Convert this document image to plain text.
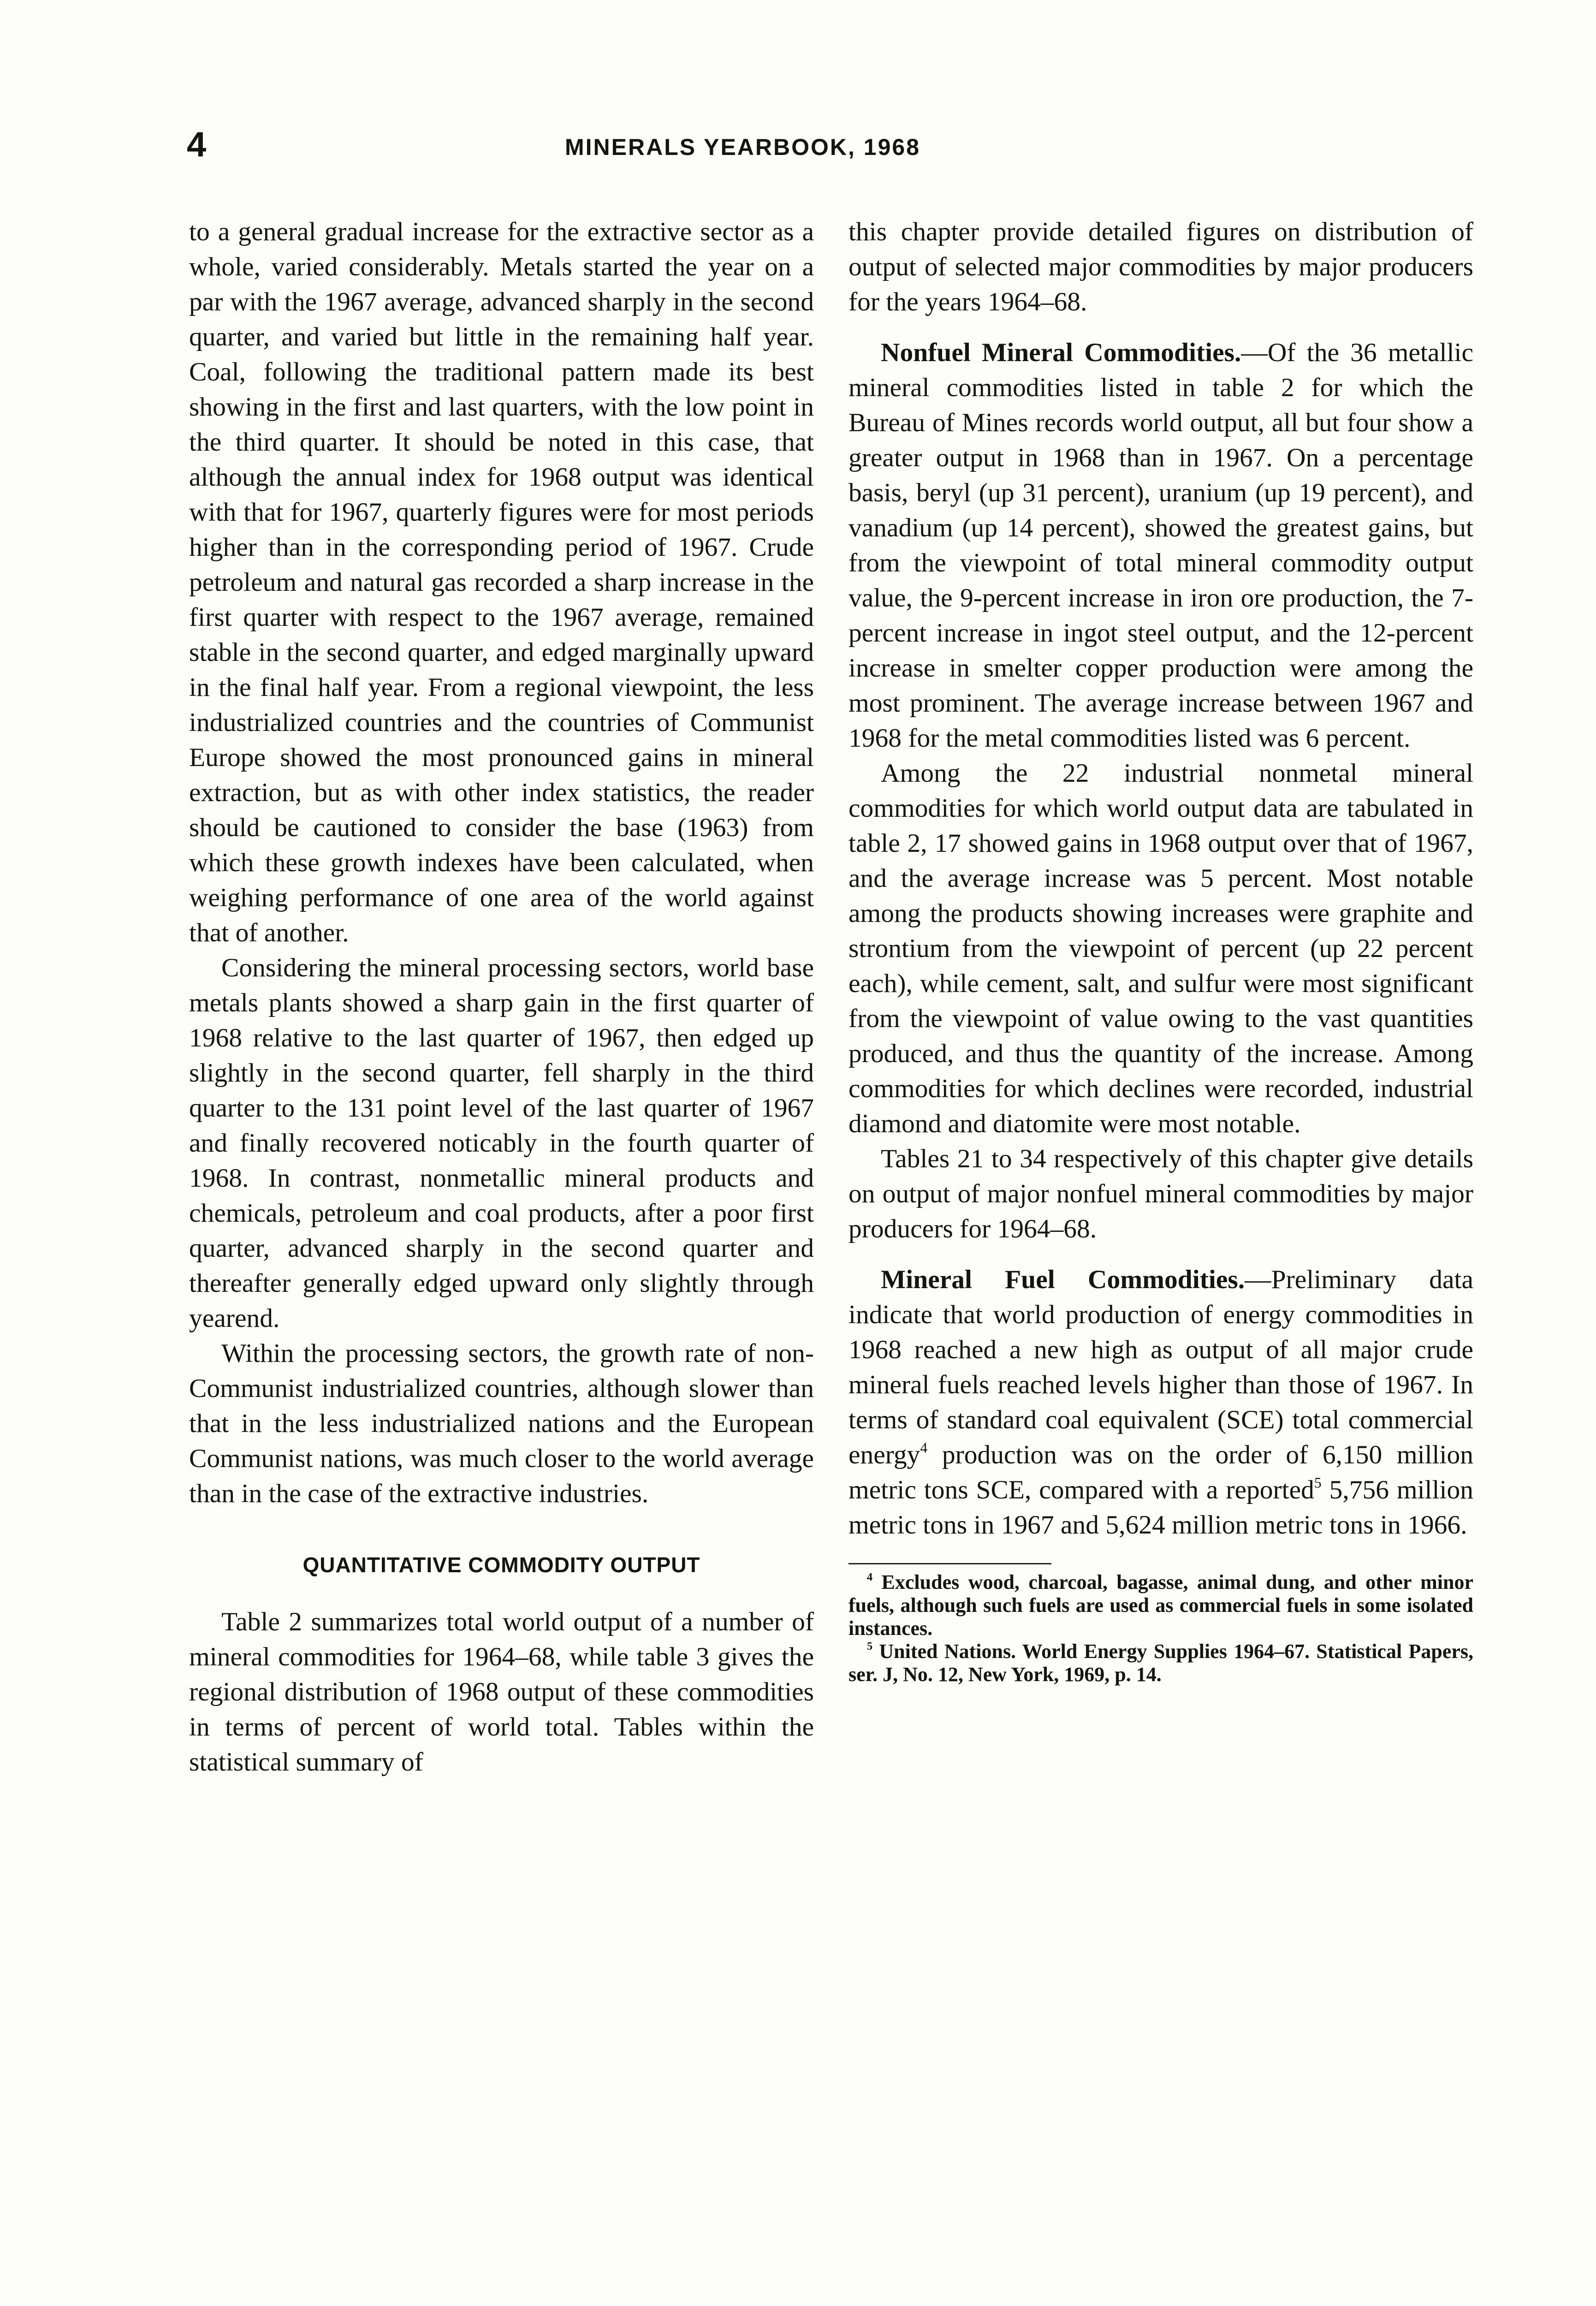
4	MINERALS YEARBOOK, 1968

to a general gradual increase for the extractive sector as a whole, varied considerably. Metals started the year on a par with the 1967 average, advanced sharply in the second quarter, and varied but little in the remaining half year. Coal, following the traditional pattern made its best showing in the first and last quarters, with the low point in the third quarter. It should be noted in this case, that although the annual index for 1968 output was identical with that for 1967, quarterly figures were for most periods higher than in the corresponding period of 1967. Crude petroleum and natural gas recorded a sharp increase in the first quarter with respect to the 1967 average, remained stable in the second quarter, and edged marginally upward in the final half year. From a regional viewpoint, the less industrialized countries and the countries of Communist Europe showed the most pronounced gains in mineral extraction, but as with other index statistics, the reader should be cautioned to consider the base (1963) from which these growth indexes have been calculated, when weighing performance of one area of the world against that of another.

Considering the mineral processing sectors, world base metals plants showed a sharp gain in the first quarter of 1968 relative to the last quarter of 1967, then edged up slightly in the second quarter, fell sharply in the third quarter to the 131 point level of the last quarter of 1967 and finally recovered noticably in the fourth quarter of 1968. In contrast, nonmetallic mineral products and chemicals, petroleum and coal products, after a poor first quarter, advanced sharply in the second quarter and thereafter generally edged upward only slightly through yearend.

Within the processing sectors, the growth rate of non-Communist industrialized countries, although slower than that in the less industrialized nations and the European Communist nations, was much closer to the world average than in the case of the extractive industries.

QUANTITATIVE COMMODITY OUTPUT

Table 2 summarizes total world output of a number of mineral commodities for 1964–68, while table 3 gives the regional distribution of 1968 output of these commodities in terms of percent of world total. Tables within the statistical summary of

this chapter provide detailed figures on distribution of output of selected major commodities by major producers for the years 1964–68.

Nonfuel Mineral Commodities.—Of the 36 metallic mineral commodities listed in table 2 for which the Bureau of Mines records world output, all but four show a greater output in 1968 than in 1967. On a percentage basis, beryl (up 31 percent), uranium (up 19 percent), and vanadium (up 14 percent), showed the greatest gains, but from the viewpoint of total mineral commodity output value, the 9-percent increase in iron ore production, the 7-percent increase in ingot steel output, and the 12-percent increase in smelter copper production were among the most prominent. The average increase between 1967 and 1968 for the metal commodities listed was 6 percent.

Among the 22 industrial nonmetal mineral commodities for which world output data are tabulated in table 2, 17 showed gains in 1968 output over that of 1967, and the average increase was 5 percent. Most notable among the products showing increases were graphite and strontium from the viewpoint of percent (up 22 percent each), while cement, salt, and sulfur were most significant from the viewpoint of value owing to the vast quantities produced, and thus the quantity of the increase. Among commodities for which declines were recorded, industrial diamond and diatomite were most notable.

Tables 21 to 34 respectively of this chapter give details on output of major nonfuel mineral commodities by major producers for 1964–68.

Mineral Fuel Commodities.—Preliminary data indicate that world production of energy commodities in 1968 reached a new high as output of all major crude mineral fuels reached levels higher than those of 1967. In terms of standard coal equivalent (SCE) total commercial energy$^4$ production was on the order of 6,150 million metric tons SCE, compared with a reported$^5$ 5,756 million metric tons in 1967 and 5,624 million metric tons in 1966.

$^4$ Excludes wood, charcoal, bagasse, animal dung, and other minor fuels, although such fuels are used as commercial fuels in some isolated instances.

$^5$ United Nations. World Energy Supplies 1964–67. Statistical Papers, ser. J, No. 12, New York, 1969, p. 14.
